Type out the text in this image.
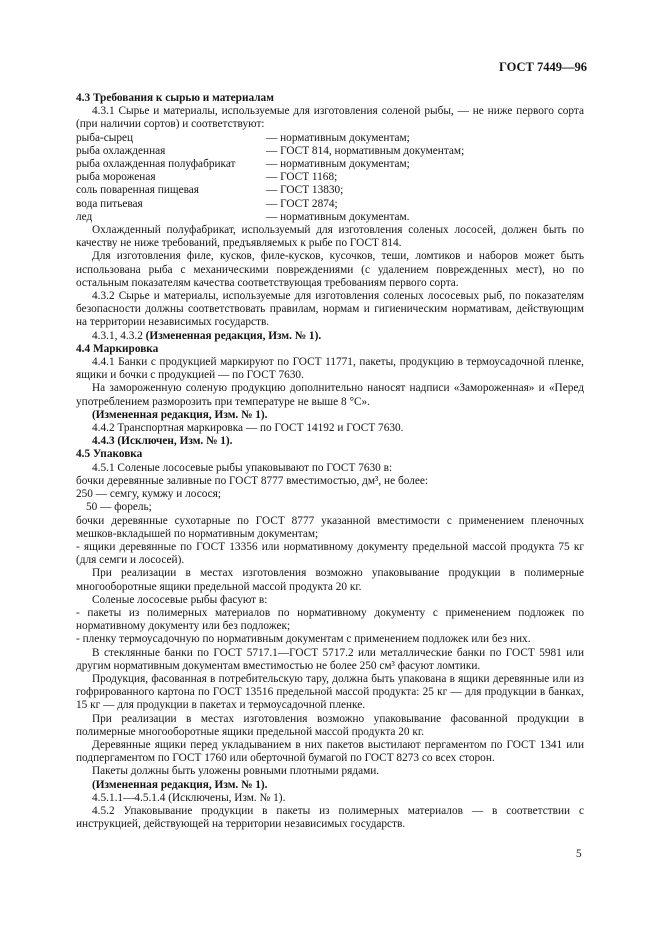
ГОСТ 7449—96

4.3 Требования к сырью и материалам

4.3.1 Сырье и материалы, используемые для изготовления соленой рыбы, — не ниже первого сорта (при наличии сортов) и соответствуют:

рыба-сырец	— нормативным документам;
рыба охлажденная	— ГОСТ 814, нормативным документам;
рыба охлажденная полуфабрикат	— нормативным документам;
рыба мороженая	— ГОСТ 1168;
соль поваренная пищевая	— ГОСТ 13830;
вода питьевая	— ГОСТ 2874;
лед	— нормативным документам.

Охлажденный полуфабрикат, используемый для изготовления соленых лососей, должен быть по качеству не ниже требований, предъявляемых к рыбе по ГОСТ 814.

Для изготовления филе, кусков, филе-кусков, кусочков, теши, ломтиков и наборов может быть использована рыба с механическими повреждениями (с удалением поврежденных мест), но по остальным показателям качества соответствующая требованиям первого сорта.

4.3.2 Сырье и материалы, используемые для изготовления соленых лососевых рыб, по показателям безопасности должны соответствовать правилам, нормам и гигиеническим нормативам, действующим на территории независимых государств.

4.3.1, 4.3.2 (Измененная редакция, Изм. № 1).

4.4 Маркировка

4.4.1 Банки с продукцией маркируют по ГОСТ 11771, пакеты, продукцию в термоусадочной пленке, ящики и бочки с продукцией — по ГОСТ 7630.

На замороженную соленую продукцию дополнительно наносят надписи «Замороженная» и «Перед употреблением разморозить при температуре не выше 8 °С».

(Измененная редакция, Изм. № 1).

4.4.2 Транспортная маркировка — по ГОСТ 14192 и ГОСТ 7630.

4.4.3 (Исключен, Изм. № 1).

4.5 Упаковка

4.5.1 Соленые лососевые рыбы упаковывают по ГОСТ 7630 в:

бочки деревянные заливные по ГОСТ 8777 вместимостью, дм³, не более:

250 — семгу, кумжу и лосося;

50 — форель;

бочки деревянные сухотарные по ГОСТ 8777 указанной вместимости с применением пленочных мешков-вкладышей по нормативным документам;

- ящики деревянные по ГОСТ 13356 или нормативному документу предельной массой продукта 75 кг (для семги и лососей).

При реализации в местах изготовления возможно упаковывание продукции в полимерные многооборотные ящики предельной массой продукта 20 кг.

Соленые лососевые рыбы фасуют в:

- пакеты из полимерных материалов по нормативному документу с применением подложек по нормативному документу или без подложек;

- пленку термоусадочную по нормативным документам с применением подложек или без них.

В стеклянные банки по ГОСТ 5717.1—ГОСТ 5717.2 или металлические банки по ГОСТ 5981 или другим нормативным документам вместимостью не более 250 см³ фасуют ломтики.

Продукция, фасованная в потребительскую тару, должна быть упакована в ящики деревянные или из гофрированного картона по ГОСТ 13516 предельной массой продукта: 25 кг — для продукции в банках, 15 кг — для продукции в пакетах и термоусадочной пленке.

При реализации в местах изготовления возможно упаковывание фасованной продукции в полимерные многооборотные ящики предельной массой продукта 20 кг.

Деревянные ящики перед укладыванием в них пакетов выстилают пергаментом по ГОСТ 1341 или подпергаментом по ГОСТ 1760 или оберточной бумагой по ГОСТ 8273 со всех сторон.

Пакеты должны быть уложены ровными плотными рядами.

(Измененная редакция, Изм. № 1).

4.5.1.1—4.5.1.4 (Исключены, Изм. № 1).

4.5.2 Упаковывание продукции в пакеты из полимерных материалов — в соответствии с инструкцией, действующей на территории независимых государств.

5
